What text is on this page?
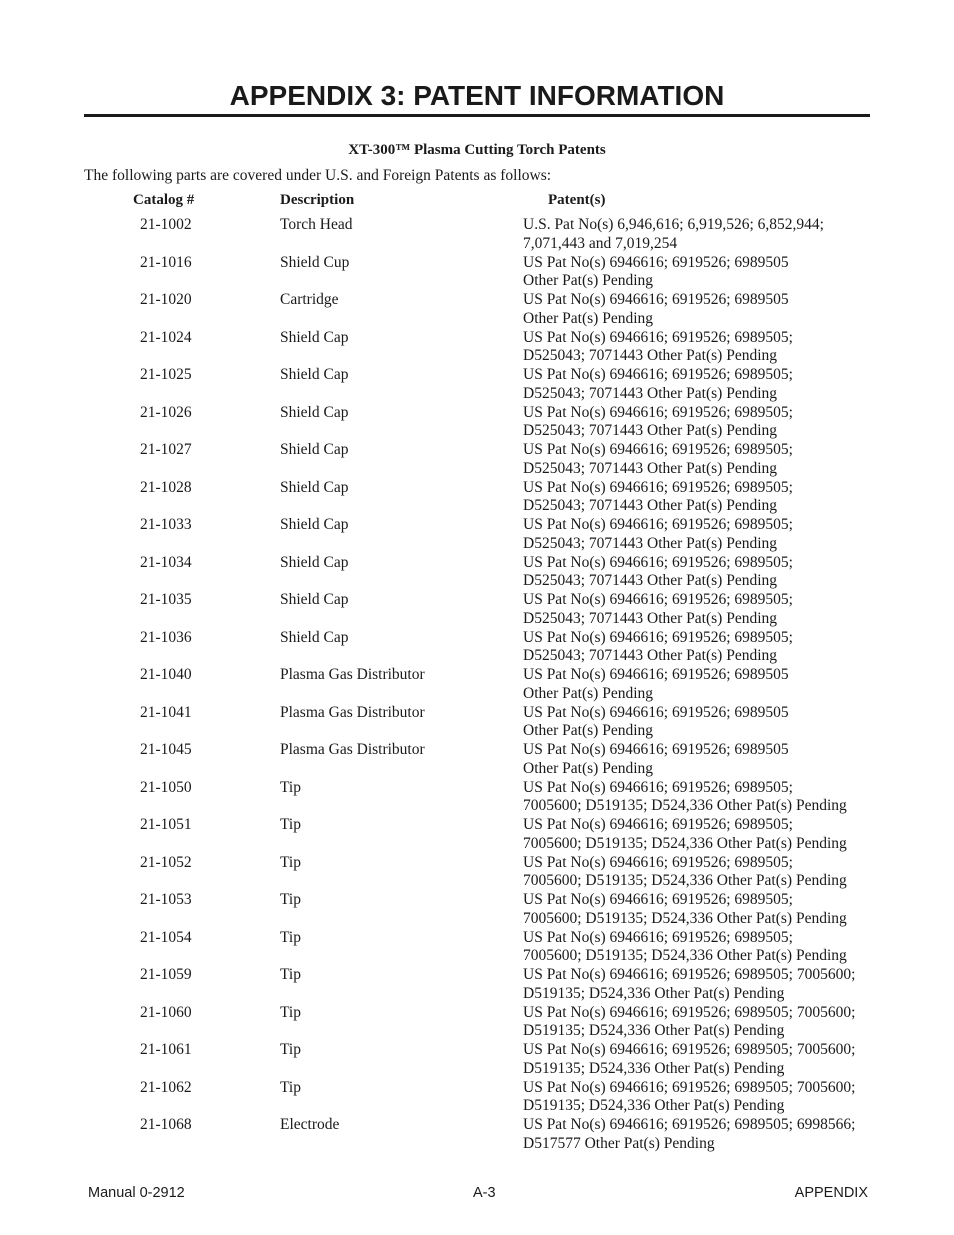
APPENDIX 3: PATENT INFORMATION
XT-300™ Plasma Cutting Torch Patents
The following parts are covered under U.S. and Foreign Patents as follows:
Catalog #	Description	Patent(s)
21-1002	Torch Head	U.S. Pat No(s) 6,946,616; 6,919,526; 6,852,944;
7,071,443 and 7,019,254
21-1016	Shield Cup	US Pat No(s) 6946616; 6919526; 6989505
Other Pat(s) Pending
21-1020	Cartridge	US Pat No(s) 6946616; 6919526; 6989505
Other Pat(s) Pending
21-1024	Shield Cap	US Pat No(s) 6946616; 6919526; 6989505;
D525043; 7071443 Other Pat(s) Pending
21-1025	Shield Cap	US Pat No(s) 6946616; 6919526; 6989505;
D525043; 7071443 Other Pat(s) Pending
21-1026	Shield Cap	US Pat No(s) 6946616; 6919526; 6989505;
D525043; 7071443 Other Pat(s) Pending
21-1027	Shield Cap	US Pat No(s) 6946616; 6919526; 6989505;
D525043; 7071443 Other Pat(s) Pending
21-1028	Shield Cap	US Pat No(s) 6946616; 6919526; 6989505;
D525043; 7071443 Other Pat(s) Pending
21-1033	Shield Cap	US Pat No(s) 6946616; 6919526; 6989505;
D525043; 7071443 Other Pat(s) Pending
21-1034	Shield Cap	US Pat No(s) 6946616; 6919526; 6989505;
D525043; 7071443 Other Pat(s) Pending
21-1035	Shield Cap	US Pat No(s) 6946616; 6919526; 6989505;
D525043; 7071443 Other Pat(s) Pending
21-1036	Shield Cap	US Pat No(s) 6946616; 6919526; 6989505;
D525043; 7071443 Other Pat(s) Pending
21-1040	Plasma Gas Distributor	US Pat No(s) 6946616; 6919526; 6989505
Other Pat(s) Pending
21-1041	Plasma Gas Distributor	US Pat No(s) 6946616; 6919526; 6989505
Other Pat(s) Pending
21-1045	Plasma Gas Distributor	US Pat No(s) 6946616; 6919526; 6989505
Other Pat(s) Pending
21-1050	Tip	US Pat No(s) 6946616; 6919526; 6989505;
7005600; D519135; D524,336 Other Pat(s) Pending
21-1051	Tip	US Pat No(s) 6946616; 6919526; 6989505;
7005600; D519135; D524,336 Other Pat(s) Pending
21-1052	Tip	US Pat No(s) 6946616; 6919526; 6989505;
7005600; D519135; D524,336 Other Pat(s) Pending
21-1053	Tip	US Pat No(s) 6946616; 6919526; 6989505;
7005600; D519135; D524,336 Other Pat(s) Pending
21-1054	Tip	US Pat No(s) 6946616; 6919526; 6989505;
7005600; D519135; D524,336 Other Pat(s) Pending
21-1059	Tip	US Pat No(s) 6946616; 6919526; 6989505; 7005600;
D519135; D524,336 Other Pat(s) Pending
21-1060	Tip	US Pat No(s) 6946616; 6919526; 6989505; 7005600;
D519135; D524,336 Other Pat(s) Pending
21-1061	Tip	US Pat No(s) 6946616; 6919526; 6989505; 7005600;
D519135; D524,336 Other Pat(s) Pending
21-1062	Tip	US Pat No(s) 6946616; 6919526; 6989505; 7005600;
D519135; D524,336 Other Pat(s) Pending
21-1068	Electrode	US Pat No(s) 6946616; 6919526; 6989505; 6998566;
D517577 Other Pat(s) Pending
Manual 0-2912	A-3	APPENDIX
